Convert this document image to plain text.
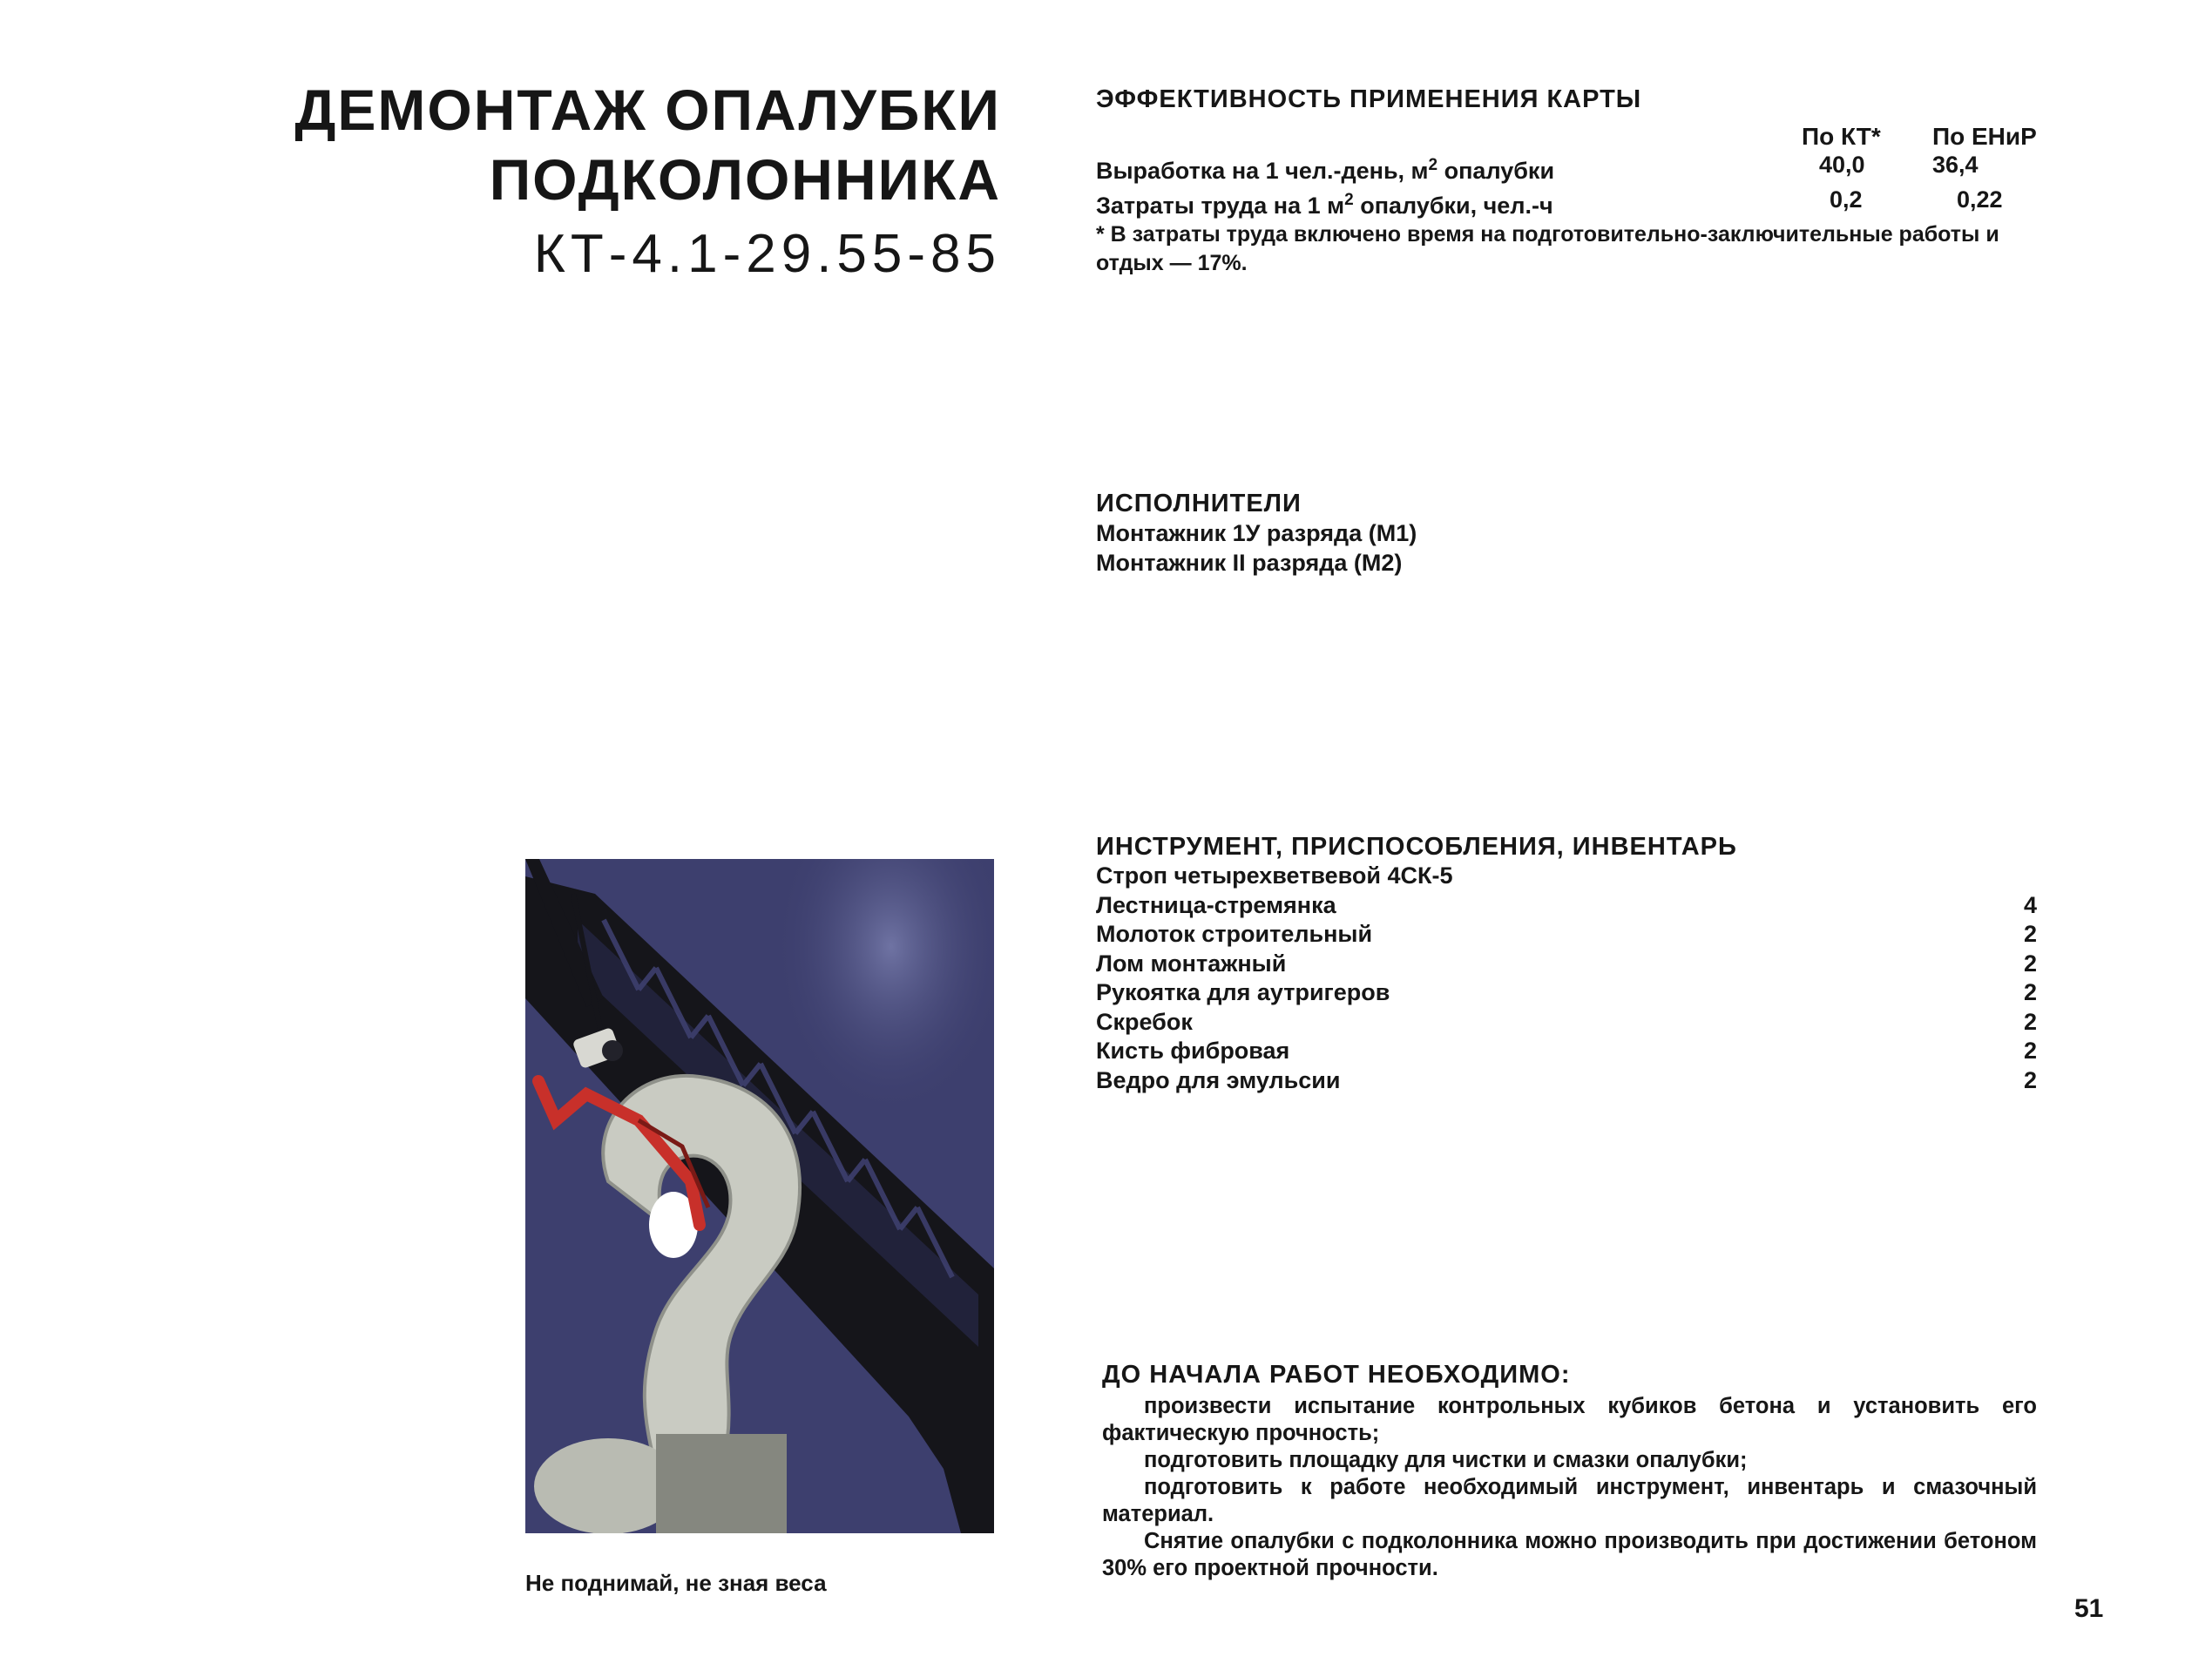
ДЕМОНТАЖ ОПАЛУБКИ
ПОДКОЛОННИКА
КТ-4.1-29.55-85
ЭФФЕКТИВНОСТЬ ПРИМЕНЕНИЯ КАРТЫ
По КТ*	По ЕНиР
Выработка на 1 чел.-день, $м^2$ опалубки	40,0	36,4
Затраты труда на 1 $м^2$ опалубки, чел.-ч	0,2	0,22
* В затраты труда включено время на подготовительно-заключительные работы и отдых — 17%.
ИСПОЛНИТЕЛИ
Монтажник 1У разряда (М1)
Монтажник II разряда (М2)
ИНСТРУМЕНТ, ПРИСПОСОБЛЕНИЯ, ИНВЕНТАРЬ
Строп четырехветвевой 4СК-5
Лестница-стремянка	4
Молоток строительный	2
Лом монтажный	2
Рукоятка для аутригеров	2
Скребок	2
Кисть фибровая	2
Ведро для эмульсии	2
ДО НАЧАЛА РАБОТ НЕОБХОДИМО:

произвести испытание контрольных кубиков бетона и установить его фактическую прочность;

подготовить площадку для чистки и смазки опалубки;

подготовить к работе необходимый инструмент, инвентарь и смазочный материал.

Снятие опалубки с подколонника можно производить при достижении бетоном 30% его проектной прочности.

Не поднимай, не зная веса
51
